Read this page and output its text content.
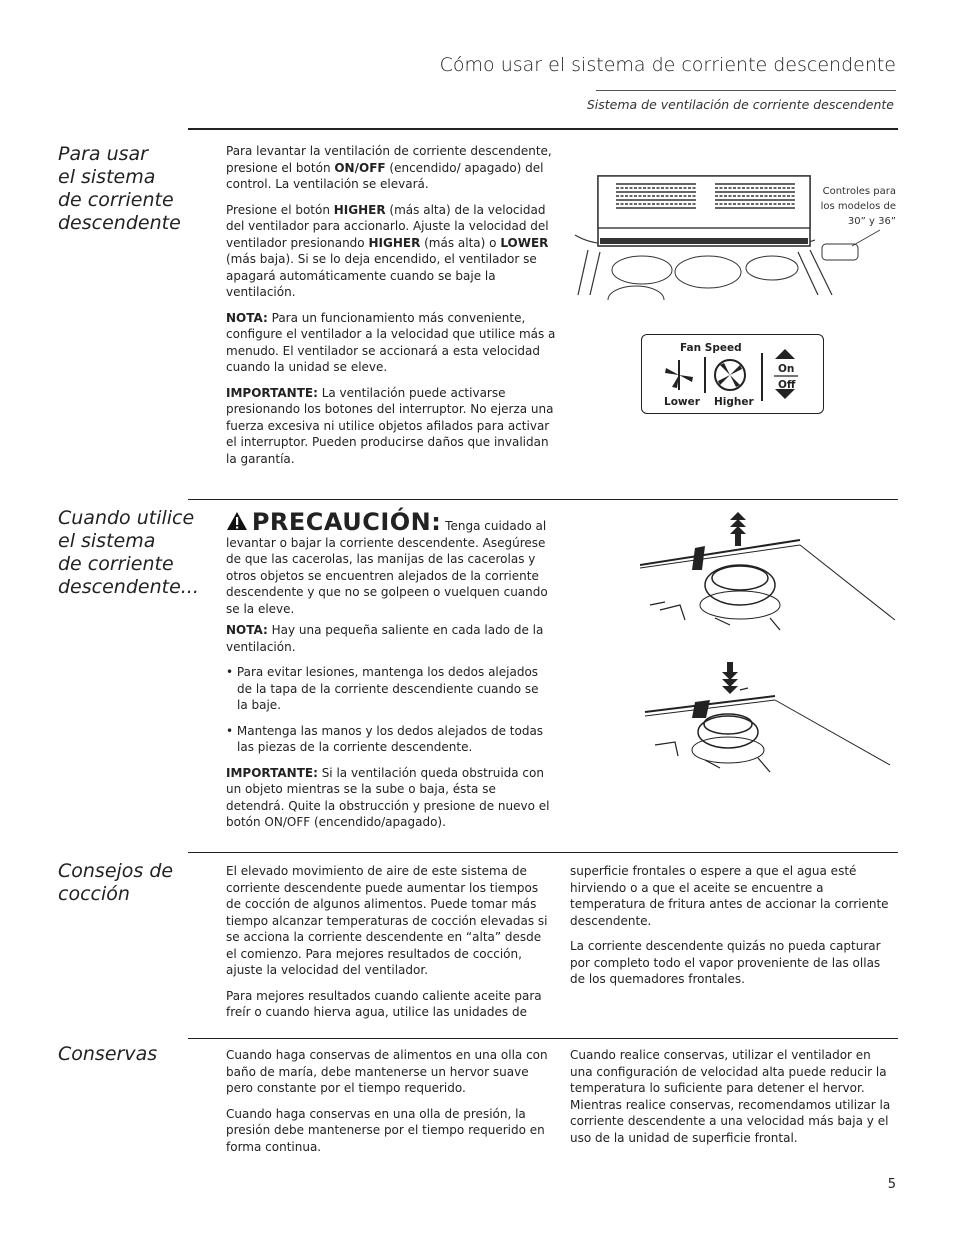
Cómo usar el sistema de corriente descendente
Sistema de ventilación de corriente descendente
Para usar
el sistema
de corriente
descendente

Para levantar la ventilación de corriente descendente, presione el botón ON/OFF (encendido/ apagado) del control. La ventilación se elevará.

Presione el botón HIGHER (más alta) de la velocidad del ventilador para accionarlo. Ajuste la velocidad del ventilador presionando HIGHER (más alta) o LOWER (más baja). Si se lo deja encendido, el ventilador se apagará automáticamente cuando se baje la ventilación.

NOTA: Para un funcionamiento más conveniente, configure el ventilador a la velocidad que utilice más a menudo. El ventilador se accionará a esta velocidad cuando la unidad se eleve.

IMPORTANTE: La ventilación puede activarse presionando los botones del interruptor. No ejerza una fuerza excesiva ni utilice objetos afilados para activar el interruptor. Pueden producirse daños que invalidan la garantía.

Controles para
los modelos de
30” y 36”
Fan Speed
On
Off
Lower Higher
Cuando utilice
el sistema
de corriente
descendente...

PRECAUCIÓN: Tenga cuidado al levantar o bajar la corriente descendente. Asegúrese de que las cacerolas, las manijas de las cacerolas y otros objetos se encuentren alejados de la corriente descendente y que no se golpeen o vuelquen cuando se la eleve.

NOTA: Hay una pequeña saliente en cada lado de la ventilación.

• Para evitar lesiones, mantenga los dedos alejados de la tapa de la corriente descendiente cuando se la baje.

• Mantenga las manos y los dedos alejados de todas las piezas de la corriente descendente.

IMPORTANTE: Si la ventilación queda obstruida con un objeto mientras se la sube o baja, ésta se detendrá. Quite la obstrucción y presione de nuevo el botón ON/OFF (encendido/apagado).

Consejos de
cocción

El elevado movimiento de aire de este sistema de corriente descendente puede aumentar los tiempos de cocción de algunos alimentos. Puede tomar más tiempo alcanzar temperaturas de cocción elevadas si se acciona la corriente descendente en “alta” desde el comienzo. Para mejores resultados de cocción, ajuste la velocidad del ventilador.

Para mejores resultados cuando caliente aceite para freír o cuando hierva agua, utilice las unidades de

superficie frontales o espere a que el agua esté hirviendo o a que el aceite se encuentre a temperatura de fritura antes de accionar la corriente descendente.

La corriente descendente quizás no pueda capturar por completo todo el vapor proveniente de las ollas de los quemadores frontales.

Conservas	Cuando haga conservas de alimentos en una olla con baño de maría, debe mantenerse un hervor suave pero constante por el tiempo requerido.

Cuando haga conservas en una olla de presión, la presión debe mantenerse por el tiempo requerido en forma continua.

Cuando realice conservas, utilizar el ventilador en una configuración de velocidad alta puede reducir la temperatura lo suficiente para detener el hervor. Mientras realice conservas, recomendamos utilizar la corriente descendente a una velocidad más baja y el uso de la unidad de superficie frontal.

5
